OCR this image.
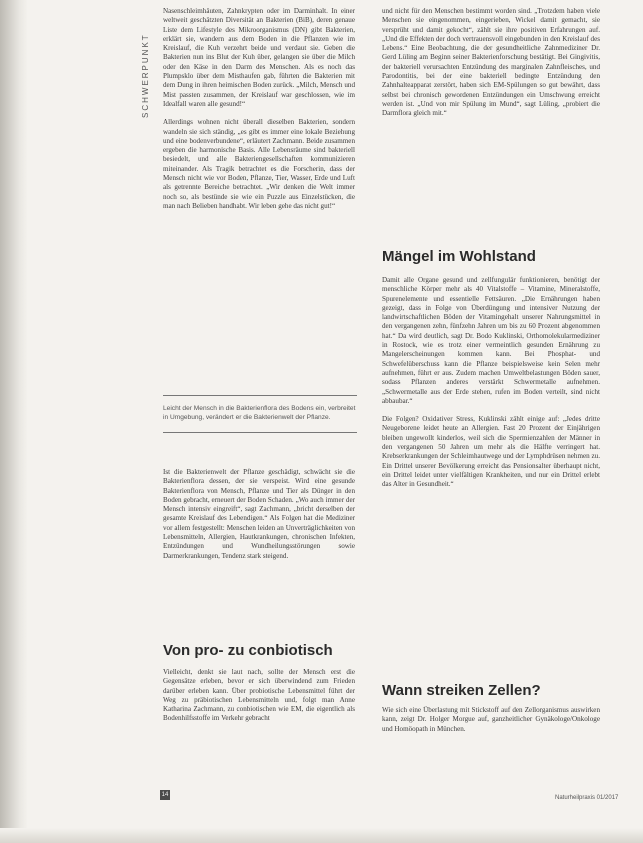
SCHWERPUNKT

Nasenschleimhäuten, Zahnkrypten oder im Darminhalt. In einer weltweit geschätzten Diversität an Bakterien (BiB), deren genaue Liste dem Lifestyle des Mikroorganismus (DN) gibt Bakterien, erklärt sie, wandern aus dem Boden in die Pflanzen wie im Kreislauf, die Kuh verzehrt beide und verdaut sie. Geben die Bakterien nun ins Blut der Kuh über, gelangen sie über die Milch oder den Käse in den Darm des Menschen. Als es noch das Plumpsklo über dem Misthaufen gab, führten die Bakterien mit dem Dung in ihren heimischen Boden zurück. „Milch, Mensch und Mist passten zusammen, der Kreislauf war geschlossen, wie im Idealfall waren alle gesund!“

Allerdings wohnen nicht überall dieselben Bakterien, sondern wandeln sie sich ständig, „es gibt es immer eine lokale Beziehung und eine bodenverbundene“, erläutert Zachmann. Beide zusammen ergeben die harmonische Basis. Alle Lebensräume sind bakteriell besiedelt, und alle Bakteriengesellschaften kommunizieren miteinander. Als Tragik betrachtet es die Forscherin, dass der Mensch nicht wie vor Boden, Pflanze, Tier, Wasser, Erde und Luft als getrennte Bereiche betrachtet. „Wir denken die Welt immer noch so, als bestünde sie wie ein Puzzle aus Einzelstücken, die man nach Belieben handhabt. Wir leben gehe das nicht gut!“

Leicht der Mensch in die Bakterienflora des Bodens ein, verbreitet in Umgebung, verändert er die Bakterienwelt der Pflanze.

Ist die Bakterienwelt der Pflanze geschädigt, schwächt sie die Bakterienflora dessen, der sie verspeist. Wird eine gesunde Bakterienflora von Mensch, Pflanze und Tier als Dünger in den Boden gebracht, erneuert der Boden Schaden. „Wo auch immer der Mensch intensiv eingreift“, sagt Zachmann, „bricht derselben der gesamte Kreislauf des Lebendigen.“ Als Folgen hat die Mediziner vor allem festgestellt: Menschen leiden an Unverträglichkeiten von Lebensmitteln, Allergien, Hautkrankungen, chronischen Infekten, Entzündungen und Wundheilungsstörungen sowie Darmerkrankungen, Tendenz stark steigend.

Von pro- zu conbiotisch

Vielleicht, denkt sie laut nach, sollte der Mensch erst die Gegensätze erleben, bevor er sich überwindend zum Frieden darüber erleben kann. Über probiotische Lebensmittel führt der Weg zu präbiotischen Lebensmitteln und, folgt man Anne Katharina Zachmann, zu conbiotischen wie EM, die eigentlich als Bodenhilfsstoffe im Verkehr gebracht

und nicht für den Menschen bestimmt worden sind. „Trotzdem haben viele Menschen sie eingenommen, eingerieben, Wickel damit gemacht, sie versprüht und damit gekocht“, zählt sie ihre positiven Erfahrungen auf. „Und die Effekten der doch vertrauensvoll eingebunden in den Kreislauf des Lebens.“ Eine Beobachtung, die der gesundheitliche Zahnmediziner Dr. Gerd Lüling am Beginn seiner Bakterienforschung bestätigt. Bei Gingivitis, der bakteriell verursachten Entzündung des marginalen Zahnfleisches, und Parodontitis, bei der eine bakteriell bedingte Entzündung den Zahnhalteapparat zerstört, haben sich EM-Spülungen so gut bewährt, dass selbst bei chronisch gewordenen Entzündungen ein Umschwung erreicht werden ist. „Und von mir Spülung im Mund“, sagt Lüling, „probiert die Darmflora gleich mit.“

Mängel im Wohlstand

Damit alle Organe gesund und zellfungulär funktionieren, benötigt der menschliche Körper mehr als 40 Vitalstoffe – Vitamine, Mineralstoffe, Spurenelemente und essentielle Fettsäuren. „Die Ernährungen haben gezeigt, dass in Folge von Überdüngung und intensiver Nutzung der landwirtschaftlichen Böden der Vitamingehalt unserer Nahrungsmittel in den vergangenen zehn, fünfzehn Jahren um bis zu 60 Prozent abgenommen hat.“ Da wird deutlich, sagt Dr. Bodo Kuklinski, Orthomolekularmediziner in Rostock, wie es trotz einer vermeintlich gesunden Ernährung zu Mangelerscheinungen kommen kann. Bei Phosphat- und Schwefelüberschuss kann die Pflanze beispielsweise kein Selen mehr aufnehmen, führt er aus. Zudem machen Umweltbelastungen Böden sauer, sodass Pflanzen anderes verstärkt Schwermetalle aufnehmen. „Schwermetalle aus der Erde stehen, rufen im Boden verteilt, sind nicht abbaubar.“

Die Folgen? Oxidativer Stress, Kuklinski zählt einige auf: „Jedes dritte Neugeborene leidet heute an Allergien. Fast 20 Prozent der Einjährigen bleiben ungewollt kinderlos, weil sich die Spermienzahlen der Männer in den vergangenen 50 Jahren um mehr als die Hälfte verringert hat. Krebserkrankungen der Schleimhautwege und der Lymphdrüsen nehmen zu. Ein Drittel unserer Bevölkerung erreicht das Pensionsalter überhaupt nicht, ein Drittel leidet unter vielfältigen Krankheiten, und nur ein Drittel erlebt das Alter in Gesundheit.“

Wann streiken Zellen?

Wie sich eine Überlastung mit Stickstoff auf den Zellorganismus auswirken kann, zeigt Dr. Holger Morgue auf, ganzheitlicher Gynäkologe/Onkologe und Homöopath in München.

14	Naturheilpraxis 01/2017
